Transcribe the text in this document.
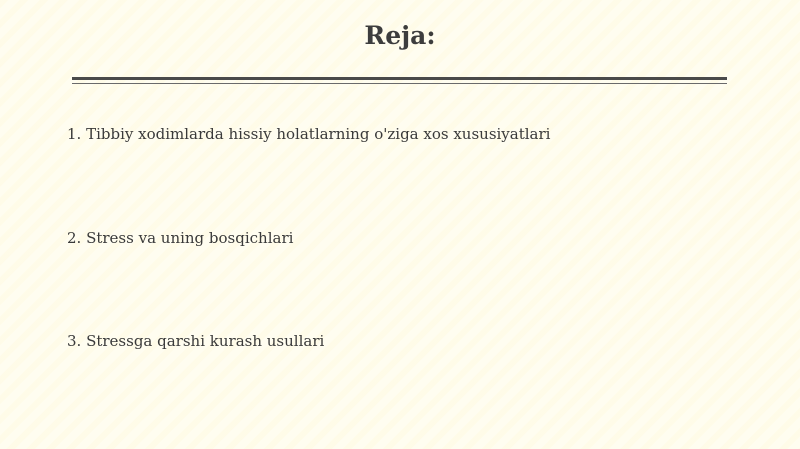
Reja:
1. Tibbiy xodimlarda hissiy holatlarning o'ziga xos xususiyatlari
2. Stress va uning bosqichlari
3. Stressga qarshi kurash usullari
